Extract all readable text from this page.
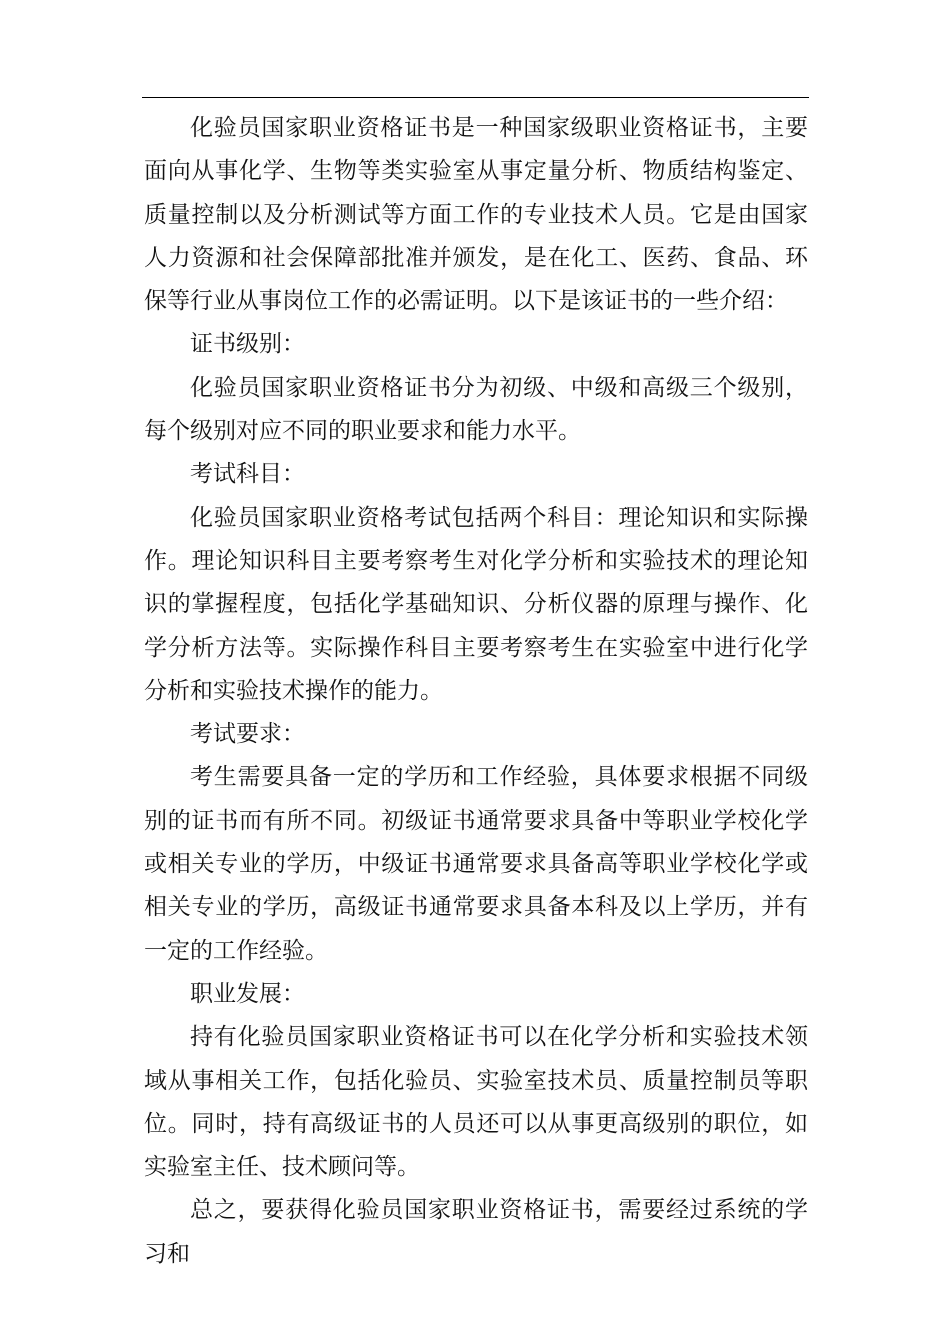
化验员国家职业资格证书是一种国家级职业资格证书，主要面向从事化学、生物等类实验室从事定量分析、物质结构鉴定、质量控制以及分析测试等方面工作的专业技术人员。它是由国家人力资源和社会保障部批准并颁发，是在化工、医药、食品、环保等行业从事岗位工作的必需证明。以下是该证书的一些介绍：

证书级别：

化验员国家职业资格证书分为初级、中级和高级三个级别，每个级别对应不同的职业要求和能力水平。

考试科目：

化验员国家职业资格考试包括两个科目：理论知识和实际操作。理论知识科目主要考察考生对化学分析和实验技术的理论知识的掌握程度，包括化学基础知识、分析仪器的原理与操作、化学分析方法等。实际操作科目主要考察考生在实验室中进行化学分析和实验技术操作的能力。

考试要求：

考生需要具备一定的学历和工作经验，具体要求根据不同级别的证书而有所不同。初级证书通常要求具备中等职业学校化学或相关专业的学历，中级证书通常要求具备高等职业学校化学或相关专业的学历，高级证书通常要求具备本科及以上学历，并有一定的工作经验。

职业发展：

持有化验员国家职业资格证书可以在化学分析和实验技术领域从事相关工作，包括化验员、实验室技术员、质量控制员等职位。同时，持有高级证书的人员还可以从事更高级别的职位，如实验室主任、技术顾问等。

总之，要获得化验员国家职业资格证书，需要经过系统的学习和
